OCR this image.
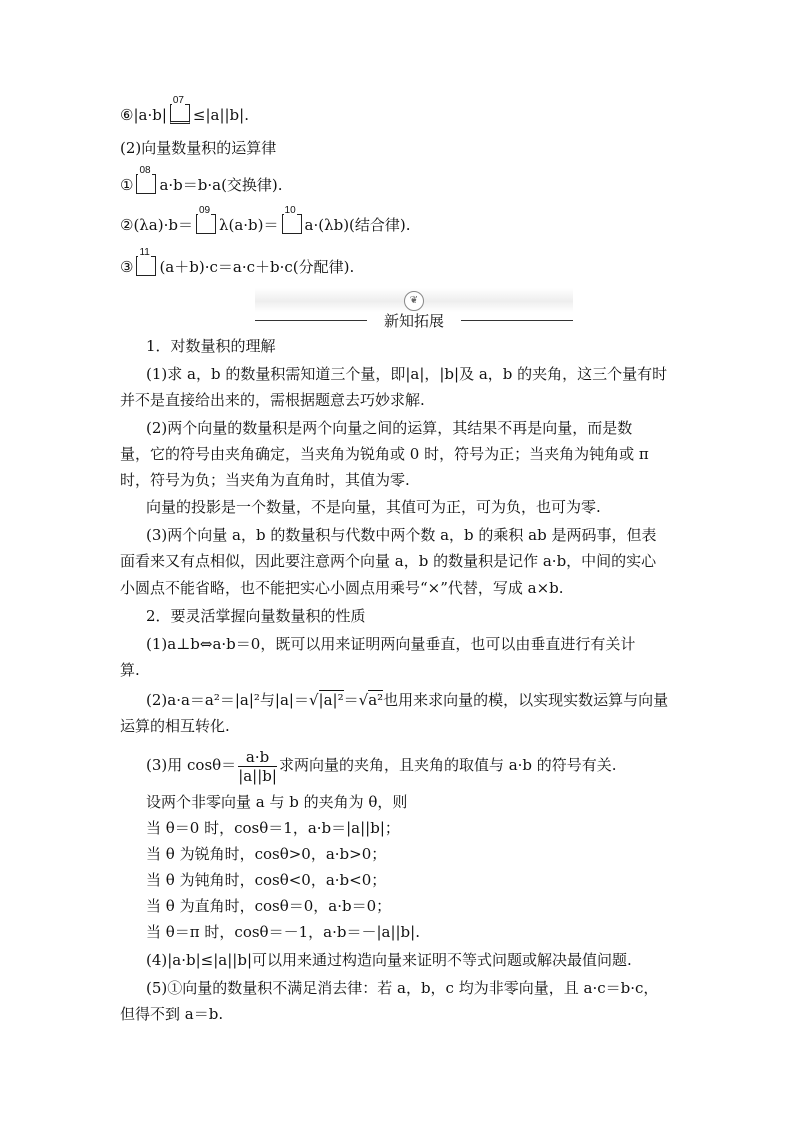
⑥|a·b|
07
≤|a||b|.
(2)向量数量积的运算律
①
08
a·b＝b·a(交换律).
②(λa)·b＝
09
λ(a·b)＝
10
a·(λb)(结合律).
③
11
(a＋b)·c＝a·c＋b·c(分配律).
❦
新知拓展
1．对数量积的理解
(1)求 a，b 的数量积需知道三个量，即|a|，|b|及 a，b 的夹角，这三个量有时
并不是直接给出来的，需根据题意去巧妙求解.
(2)两个向量的数量积是两个向量之间的运算，其结果不再是向量，而是数
量，它的符号由夹角确定，当夹角为锐角或 0 时，符号为正；当夹角为钝角或 π
时，符号为负；当夹角为直角时，其值为零.
向量的投影是一个数量，不是向量，其值可为正，可为负，也可为零.
(3)两个向量 a，b 的数量积与代数中两个数 a，b 的乘积 ab 是两码事，但表
面看来又有点相似，因此要注意两个向量 a，b 的数量积是记作 a·b，中间的实心
小圆点不能省略，也不能把实心小圆点用乘号“×”代替，写成 a×b.
2．要灵活掌握向量数量积的性质
(1)a⊥b⇔a·b＝0，既可以用来证明两向量垂直，也可以由垂直进行有关计
算.
(2)a·a＝a²＝|a|²与|a|＝√|a|²＝√a²也用来求向量的模，以实现实数运算与向量
运算的相互转化.
(3)用 $\cos\theta= \frac{a\cdot b}{|a||b|}$ 求两向量的夹角，且夹角的取值与 a·b 的符号有关.
设两个非零向量 a 与 b 的夹角为 θ，则
当 θ＝0 时，cosθ＝1，a·b＝|a||b|；
当 θ 为锐角时，cosθ>0，a·b>0；
当 θ 为钝角时，cosθ<0，a·b<0；
当 θ 为直角时，cosθ＝0，a·b＝0；
当 θ＝π 时，cosθ＝－1，a·b＝－|a||b|.
(4)|a·b|≤|a||b|可以用来通过构造向量来证明不等式问题或解决最值问题.
(5)①向量的数量积不满足消去律：若 a，b，c 均为非零向量，且 a·c＝b·c，
但得不到 a＝b.
